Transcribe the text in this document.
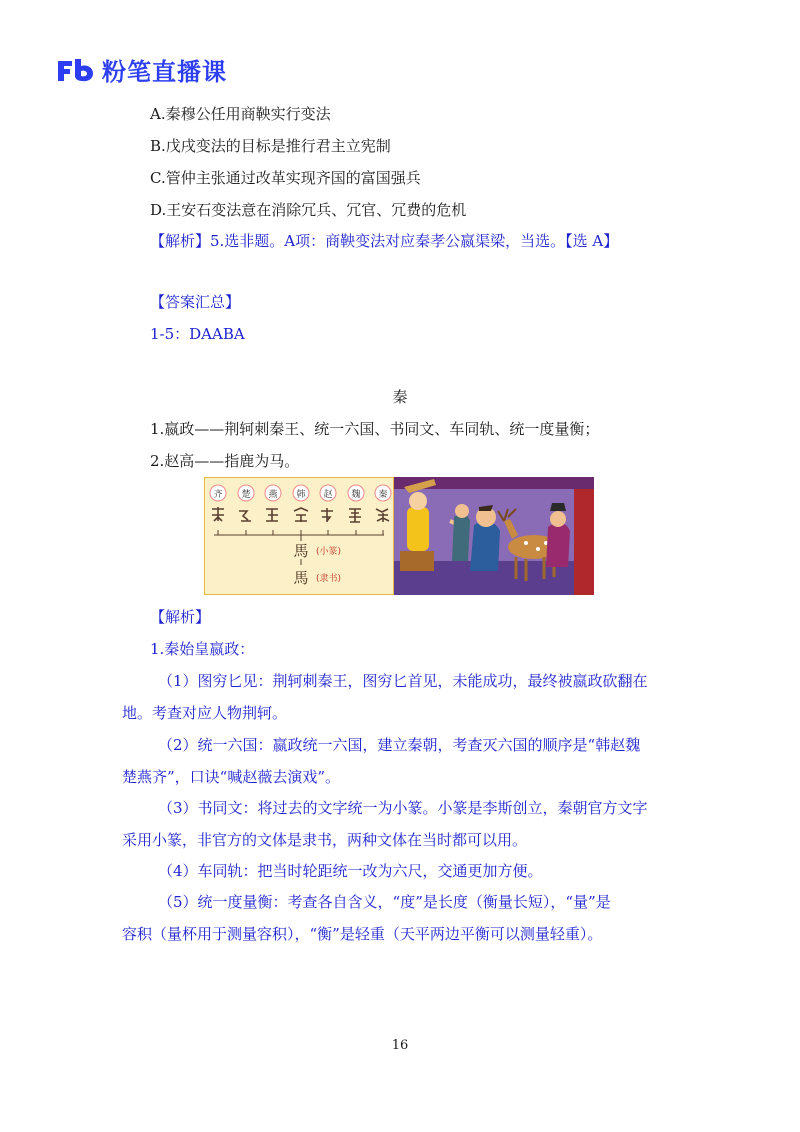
粉笔直播课
A.秦穆公任用商鞅实行变法
B.戊戌变法的目标是推行君主立宪制
C.管仲主张通过改革实现齐国的富国强兵
D.王安石变法意在消除冗兵、冗官、冗费的危机
【解析】5.选非题。A项：商鞅变法对应秦孝公嬴渠梁，当选。【选 A】
【答案汇总】
1-5：DAABA
秦
1.嬴政——荆轲刺秦王、统一六国、书同文、车同轨、统一度量衡；
2.赵高——指鹿为马。
齐 楚 燕 韩 赵 魏 秦
馬 (小篆)
馬 (隶书)
【解析】
1.秦始皇嬴政：
（1）图穷匕见：荆轲刺秦王，图穷匕首见，未能成功，最终被嬴政砍翻在
地。考查对应人物荆轲。
（2）统一六国：嬴政统一六国，建立秦朝，考查灭六国的顺序是“韩赵魏
楚燕齐”，口诀“喊赵薇去演戏”。
（3）书同文：将过去的文字统一为小篆。小篆是李斯创立，秦朝官方文字
采用小篆，非官方的文体是隶书，两种文体在当时都可以用。
（4）车同轨：把当时轮距统一改为六尺，交通更加方便。
（5）统一度量衡：考查各自含义，“度”是长度（衡量长短），“量”是
容积（量杯用于测量容积），“衡”是轻重（天平两边平衡可以测量轻重）。
16
